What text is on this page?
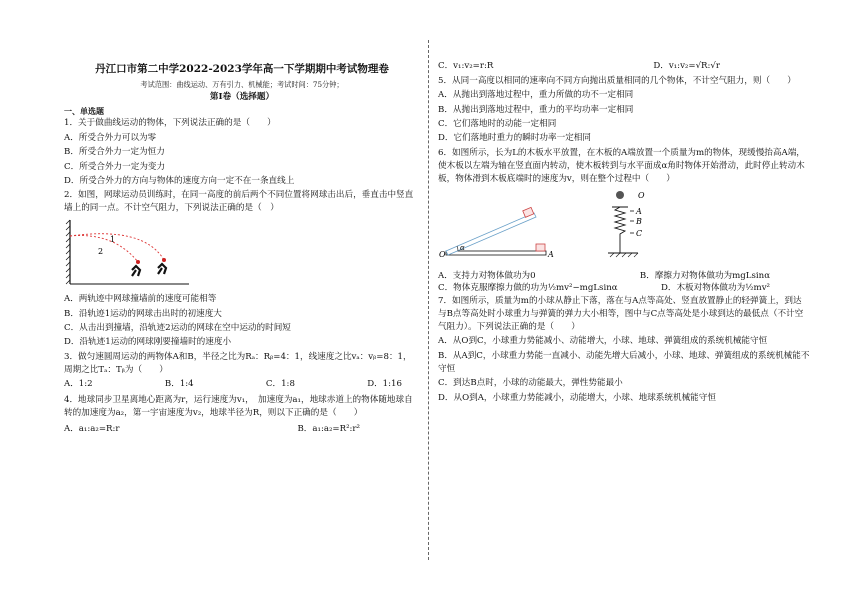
丹江口市第二中学2022-2023学年高一下学期期中考试物理卷
考试范围：曲线运动、万有引力、机械能；考试时间：75分钟；
第I卷（选择题）
一、单选题

1．关于做曲线运动的物体，下列说法正确的是（　　）

A．所受合外力可以为零

B．所受合外力一定为恒力

C．所受合外力一定为变力

D．所受合外力的方向与物体的速度方向一定不在一条直线上

2．如图，网球运动员训练时，在同一高度的前后两个不同位置将网球击出后，垂直击中竖直墙上的同一点。不计空气阻力，下列说法正确的是（　）

1
2

A．两轨迹中网球撞墙前的速度可能相等

B．沿轨迹1运动的网球击出时的初速度大

C．从击出到撞墙，沿轨迹2运动的网球在空中运动的时间短

D．沿轨迹1运动的网球刚要撞墙时的速度小

3．做匀速圆周运动的两物体A和B，半径之比为Rₐ：Rᵦ=4：1，线速度之比vₐ：vᵦ=8：1，周期之比Tₐ：Tᵦ为（　　）

A．1:2	B．1:4	C．1:8	D．1:16

4．地球同步卫星离地心距离为r，运行速度为v₁，　加速度为a₁，地球赤道上的物体随地球自转的加速度为a₂，第一宇宙速度为v₂，地球半径为R，则以下正确的是（　　）

A．a₁:a₂=R:r	B．a₁:a₂=R²:r²
C．v₁:v₂=r:R	D．v₁:v₂=√R:√r

5．从同一高度以相同的速率向不同方向抛出质量相同的几个物体，不计空气阻力，则（　　）

A．从抛出到落地过程中，重力所做的功不一定相同

B．从抛出到落地过程中，重力的平均功率一定相同

C．它们落地时的动能一定相同

D．它们落地时重力的瞬时功率一定相同

6．如图所示，长为L的木板水平放置，在木板的A端放置一个质量为m的物体，现缓慢抬高A端，使木板以左端为轴在竖直面内转动，使木板转到与水平面成α角时物体开始滑动，此时停止转动木板，物体滑到木板底端时的速度为v，则在整个过程中（　　）

O	A
α
O
A
B
C
A．支持力对物体做功为0	B．摩擦力对物体做功为mgLsinα
C．物体克服摩擦力做的功为½mv²−mgLsinα	D．木板对物体做功为½mv²

7．如图所示，质量为m的小球从静止下落，落在与A点等高处、竖直放置静止的轻弹簧上，到达与B点等高处时小球重力与弹簧的弹力大小相等，图中与C点等高处是小球到达的最低点（不计空气阻力）。下列说法正确的是（　　）

A．从O到C，小球重力势能减小、动能增大，小球、地球、弹簧组成的系统机械能守恒

B．从A到C，小球重力势能一直减小、动能先增大后减小，小球、地球、弹簧组成的系统机械能不守恒

C．到达B点时，小球的动能最大，弹性势能最小

D．从O到A，小球重力势能减小，动能增大，小球、地球系统机械能守恒
